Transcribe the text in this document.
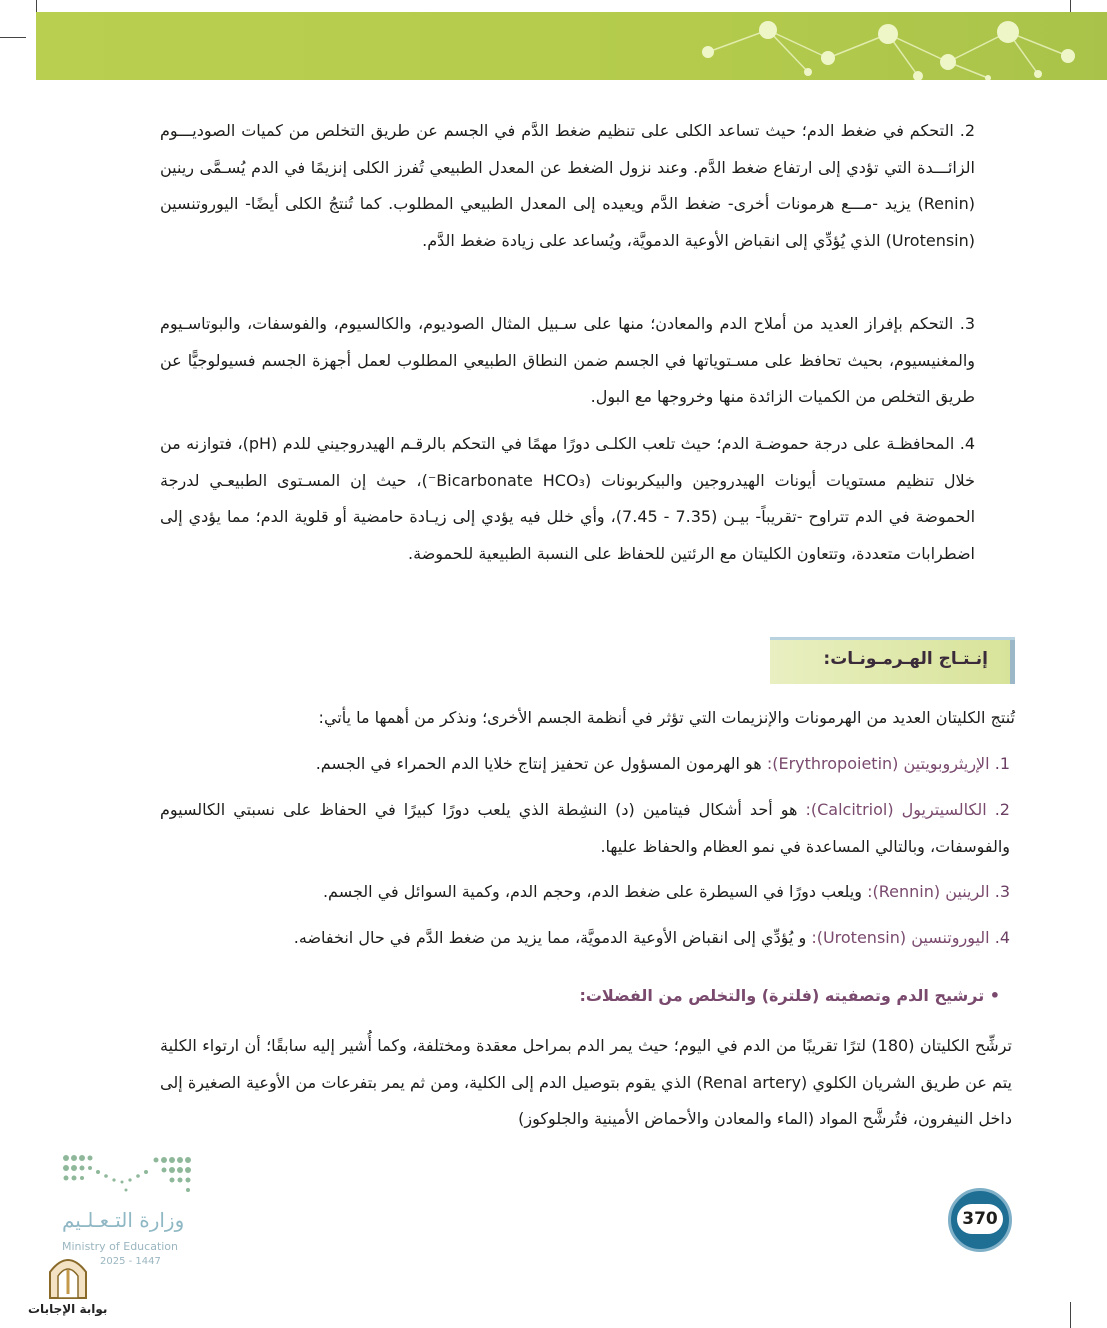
2. التحكم في ضغط الدم؛ حيث تساعد الكلى على تنظيم ضغط الدَّم في الجسم عن طريق التخلص من كميات الصوديـــوم الزائـــدة التي تؤدي إلى ارتفاع ضغط الدَّم. وعند نزول الضغط عن المعدل الطبيعي تُفرز الكلى إنزيمًا في الدم يُسـمَّى رينين (Renin) يزيد -مـــع هرمونات أخرى- ضغط الدَّم ويعيده إلى المعدل الطبيعي المطلوب. كما تُنتجُ الكلى أيضًا- اليوروتنسين (Urotensin) الذي يُؤدِّي إلى انقباض الأوعية الدمويَّة، ويُساعد على زيادة ضغط الدَّم.
3. التحكم بإفراز العديد من أملاح الدم والمعادن؛ منها على سـبيل المثال الصوديوم، والكالسيوم، والفوسفات، والبوتاسـيوم والمغنيسيوم، بحيث تحافظ على مسـتوياتها في الجسم ضمن النطاق الطبيعي المطلوب لعمل أجهزة الجسم فسيولوجيًّا عن طريق التخلص من الكميات الزائدة منها وخروجها مع البول.
4. المحافظـة على درجة حموضـة الدم؛ حيث تلعب الكلـى دورًا مهمًا في التحكم بالرقـم الهيدروجيني للدم (pH)، فتوازنه من خلال تنظيم مستويات أيونات الهيدروجين والبيكربونات (Bicarbonate HCO₃⁻)، حيث إن المسـتوى الطبيعـي لدرجة الحموضة في الدم تتراوح -تقريباً- بيـن (7.35 - 7.45)، وأي خلل فيه يؤدي إلى زيـادة حامضية أو قلوية الدم؛ مما يؤدي إلى اضطرابات متعددة، وتتعاون الكليتان مع الرئتين للحفاظ على النسبة الطبيعية للحموضة.
إنـتـاج الهـرمـونـات:
تُنتج الكليتان العديد من الهرمونات والإنزيمات التي تؤثر في أنظمة الجسم الأخرى؛ ونذكر من أهمها ما يأتي:
1. الإريثروبويتين (Erythropoietin): هو الهرمون المسؤول عن تحفيز إنتاج خلايا الدم الحمراء في الجسم.
2. الكالسيتريول (Calcitriol): هو أحد أشكال فيتامين (د) النشِطة الذي يلعب دورًا كبيرًا في الحفاظ على نسبتي الكالسيوم والفوسفات، وبالتالي المساعدة في نمو العظام والحفاظ عليها.
3. الرينين (Rennin): ويلعب دورًا في السيطرة على ضغط الدم، وحجم الدم، وكمية السوائل في الجسم.
4. اليوروتنسين (Urotensin): و يُؤدِّي إلى انقباض الأوعية الدمويَّة، مما يزيد من ضغط الدَّم في حال انخفاضه.
• ترشيح الدم وتصفيته (فلترة) والتخلص من الفضلات:
ترشِّح الكليتان (180) لترًا تقريبًا من الدم في اليوم؛ حيث يمر الدم بمراحل معقدة ومختلفة، وكما أُشير إليه سابقًا؛ أن ارتواء الكلية يتم عن طريق الشريان الكلوي (Renal artery) الذي يقوم بتوصيل الدم إلى الكلية، ومن ثم يمر بتفرعات من الأوعية الصغيرة إلى داخل النيفرون، فتُرشَّح المواد (الماء والمعادن والأحماض الأمينية والجلوكوز)
وزارة التـعـلـيم
Ministry of Education
2025 - 1447
بوابة الإجابات
370
